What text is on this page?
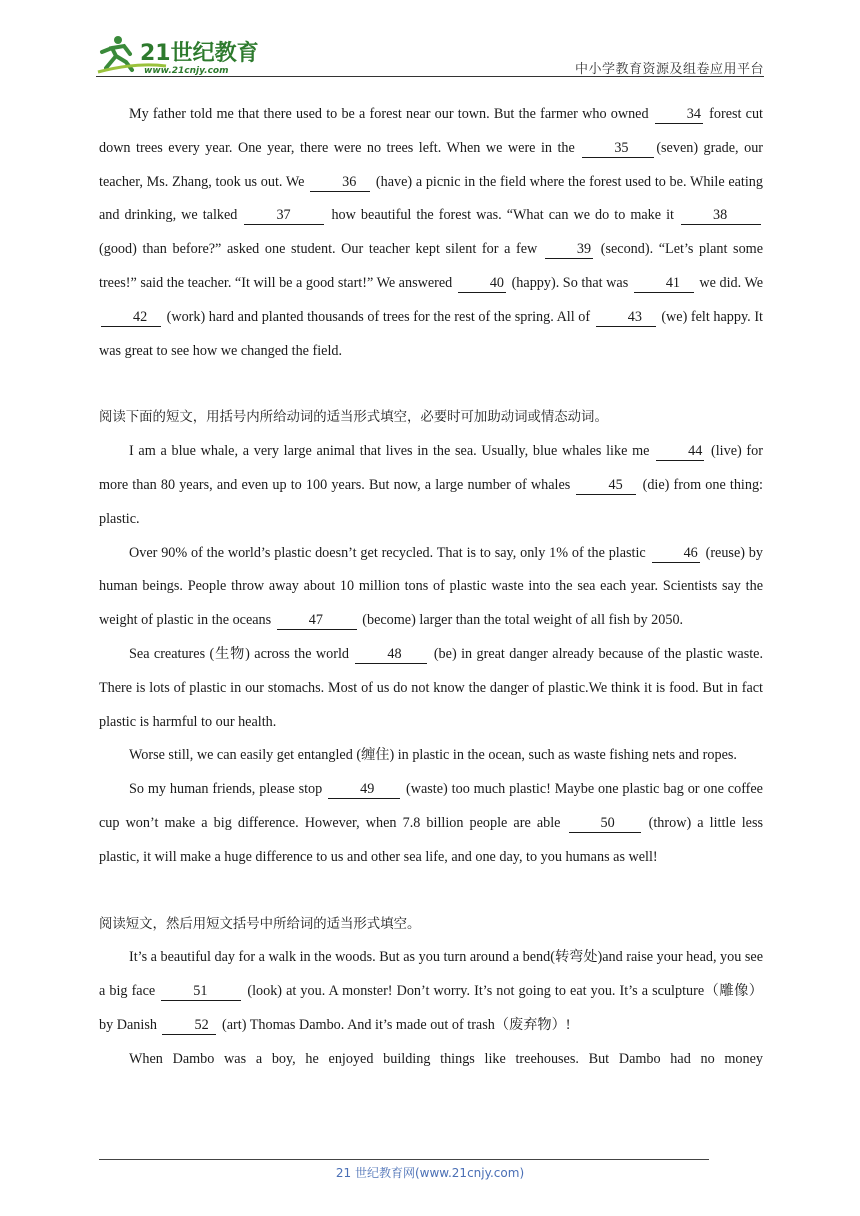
21世纪教育
www.21cnjy.com	中小学教育资源及组卷应用平台

My father told me that there used to be a forest near our town. But the farmer who owned 34 forest cut down trees every year. One year, there were no trees left. When we were in the 35 (seven) grade, our teacher, Ms. Zhang, took us out. We 36 (have) a picnic in the field where the forest used to be. While eating and drinking, we talked 37	how beautiful the forest was. “What can we do to make it 38 (good) than before?” asked one student. Our teacher kept silent for a few 39 (second). “Let’s plant some trees!” said the teacher. “It will be a good start!” We answered 40 (happy). So that was 41 we did. We 42 (work) hard and planted thousands of trees for the rest of the spring. All of 43 (we) felt happy. It was great to see how we changed the field.

阅读下面的短文，用括号内所给动词的适当形式填空，必要时可加助动词或情态动词。

I am a blue whale, a very large animal that lives in the sea. Usually, blue whales like me 44 (live) for more than 80 years, and even up to 100 years. But now, a large number of whales 45 (die) from one thing: plastic.

Over 90% of the world’s plastic doesn’t get recycled. That is to say, only 1% of the plastic 46 (reuse) by human beings. People throw away about 10 million tons of plastic waste into the sea each year. Scientists say the weight of plastic in the oceans 47	(become) larger than the total weight of all fish by 2050.

Sea creatures (生物) across the world 48 (be) in great danger already because of the plastic waste. There is lots of plastic in our stomachs. Most of us do not know the danger of plastic.We think it is food. But in fact plastic is harmful to our health.

Worse still, we can easily get entangled (缠住) in plastic in the ocean, such as waste fishing nets and ropes.

So my human friends, please stop 49 (waste) too much plastic! Maybe one plastic bag or one coffee cup won’t make a big difference. However, when 7.8 billion people are able 50 (throw) a little less plastic, it will make a huge difference to us and other sea life, and one day, to you humans as well!

阅读短文，然后用短文括号中所给词的适当形式填空。

It’s a beautiful day for a walk in the woods. But as you turn around a bend(转弯处)and raise your head, you see a big face 51	(look) at you. A monster! Don’t worry. It’s not going to eat you. It’s a sculpture（雕像）by Danish 52 (art) Thomas Dambo. And it’s made out of trash（废弃物）!

When Dambo was a boy, he enjoyed building things like treehouses. But Dambo had no money

21 世纪教育网(www.21cnjy.com)
